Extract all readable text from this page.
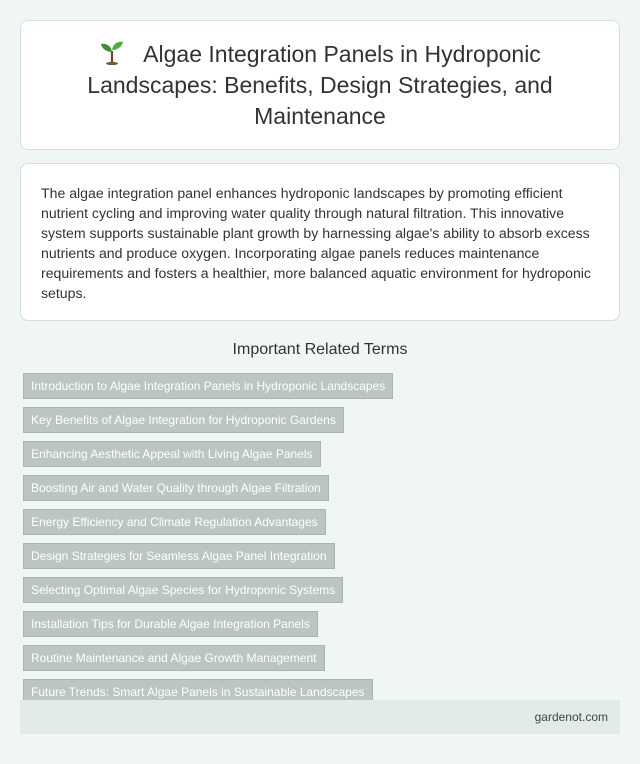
Algae Integration Panels in Hydroponic Landscapes: Benefits, Design Strategies, and Maintenance

The algae integration panel enhances hydroponic landscapes by promoting efficient nutrient cycling and improving water quality through natural filtration. This innovative system supports sustainable plant growth by harnessing algae's ability to absorb excess nutrients and produce oxygen. Incorporating algae panels reduces maintenance requirements and fosters a healthier, more balanced aquatic environment for hydroponic setups.

Important Related Terms
Introduction to Algae Integration Panels in Hydroponic Landscapes
Key Benefits of Algae Integration for Hydroponic Gardens
Enhancing Aesthetic Appeal with Living Algae Panels
Boosting Air and Water Quality through Algae Filtration
Energy Efficiency and Climate Regulation Advantages
Design Strategies for Seamless Algae Panel Integration
Selecting Optimal Algae Species for Hydroponic Systems
Installation Tips for Durable Algae Integration Panels
Routine Maintenance and Algae Growth Management
Future Trends: Smart Algae Panels in Sustainable Landscapes
gardenot.com
